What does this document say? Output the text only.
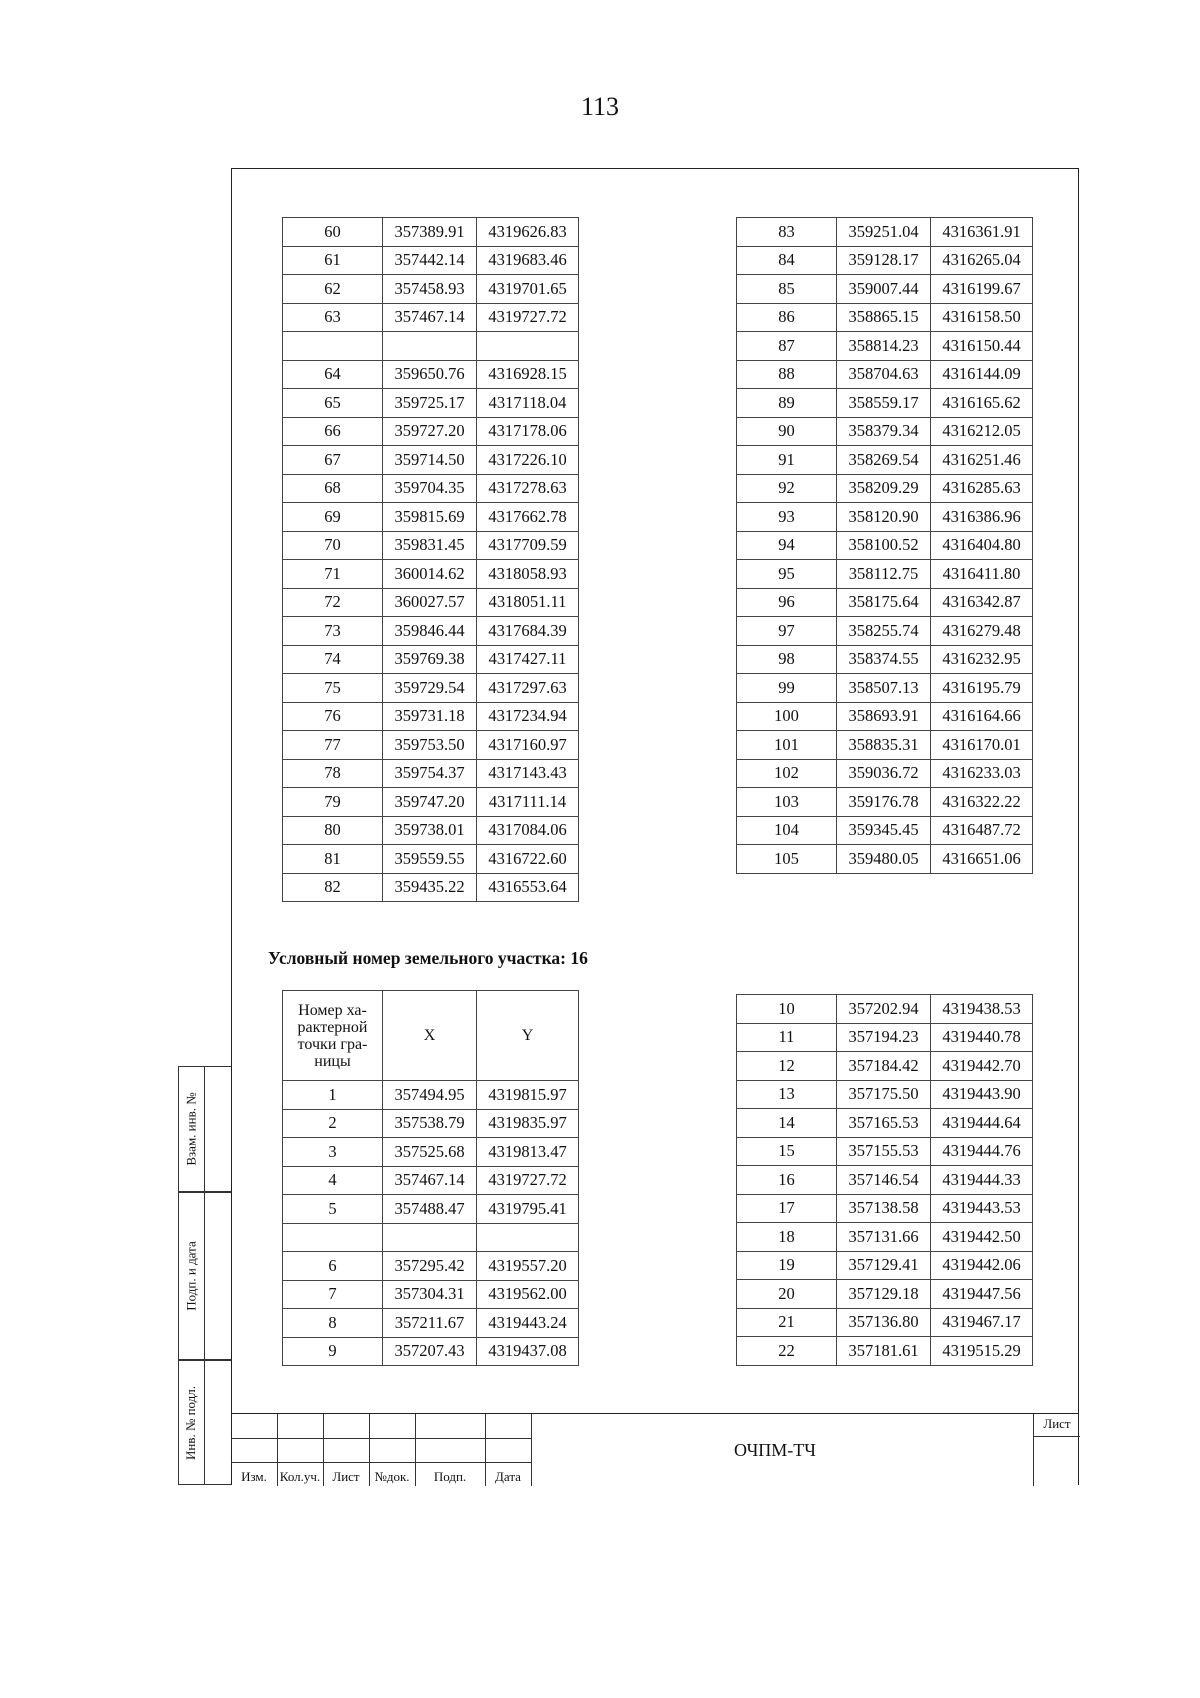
113
60	357389.91	4319626.83
61	357442.14	4319683.46
62	357458.93	4319701.65
63	357467.14	4319727.72

64	359650.76	4316928.15
65	359725.17	4317118.04
66	359727.20	4317178.06
67	359714.50	4317226.10
68	359704.35	4317278.63
69	359815.69	4317662.78
70	359831.45	4317709.59
71	360014.62	4318058.93
72	360027.57	4318051.11
73	359846.44	4317684.39
74	359769.38	4317427.11
75	359729.54	4317297.63
76	359731.18	4317234.94
77	359753.50	4317160.97
78	359754.37	4317143.43
79	359747.20	4317111.14
80	359738.01	4317084.06
81	359559.55	4316722.60
82	359435.22	4316553.64
83	359251.04	4316361.91
84	359128.17	4316265.04
85	359007.44	4316199.67
86	358865.15	4316158.50
87	358814.23	4316150.44
88	358704.63	4316144.09
89	358559.17	4316165.62
90	358379.34	4316212.05
91	358269.54	4316251.46
92	358209.29	4316285.63
93	358120.90	4316386.96
94	358100.52	4316404.80
95	358112.75	4316411.80
96	358175.64	4316342.87
97	358255.74	4316279.48
98	358374.55	4316232.95
99	358507.13	4316195.79
100	358693.91	4316164.66
101	358835.31	4316170.01
102	359036.72	4316233.03
103	359176.78	4316322.22
104	359345.45	4316487.72
105	359480.05	4316651.06
Условный номер земельного участка: 16
Номер ха-рактерной точки гра-ницы	X	Y
1	357494.95	4319815.97
2	357538.79	4319835.97
3	357525.68	4319813.47
4	357467.14	4319727.72
5	357488.47	4319795.41

6	357295.42	4319557.20
7	357304.31	4319562.00
8	357211.67	4319443.24
9	357207.43	4319437.08
10	357202.94	4319438.53
11	357194.23	4319440.78
12	357184.42	4319442.70
13	357175.50	4319443.90
14	357165.53	4319444.64
15	357155.53	4319444.76
16	357146.54	4319444.33
17	357138.58	4319443.53
18	357131.66	4319442.50
19	357129.41	4319442.06
20	357129.18	4319447.56
21	357136.80	4319467.17
22	357181.61	4319515.29
Взам. инв. №
Подп. и дата
Инв. № подл.
Изм. Кол.уч. Лист	№док.	Подп.	Дата
ОЧПМ-ТЧ
Лист
